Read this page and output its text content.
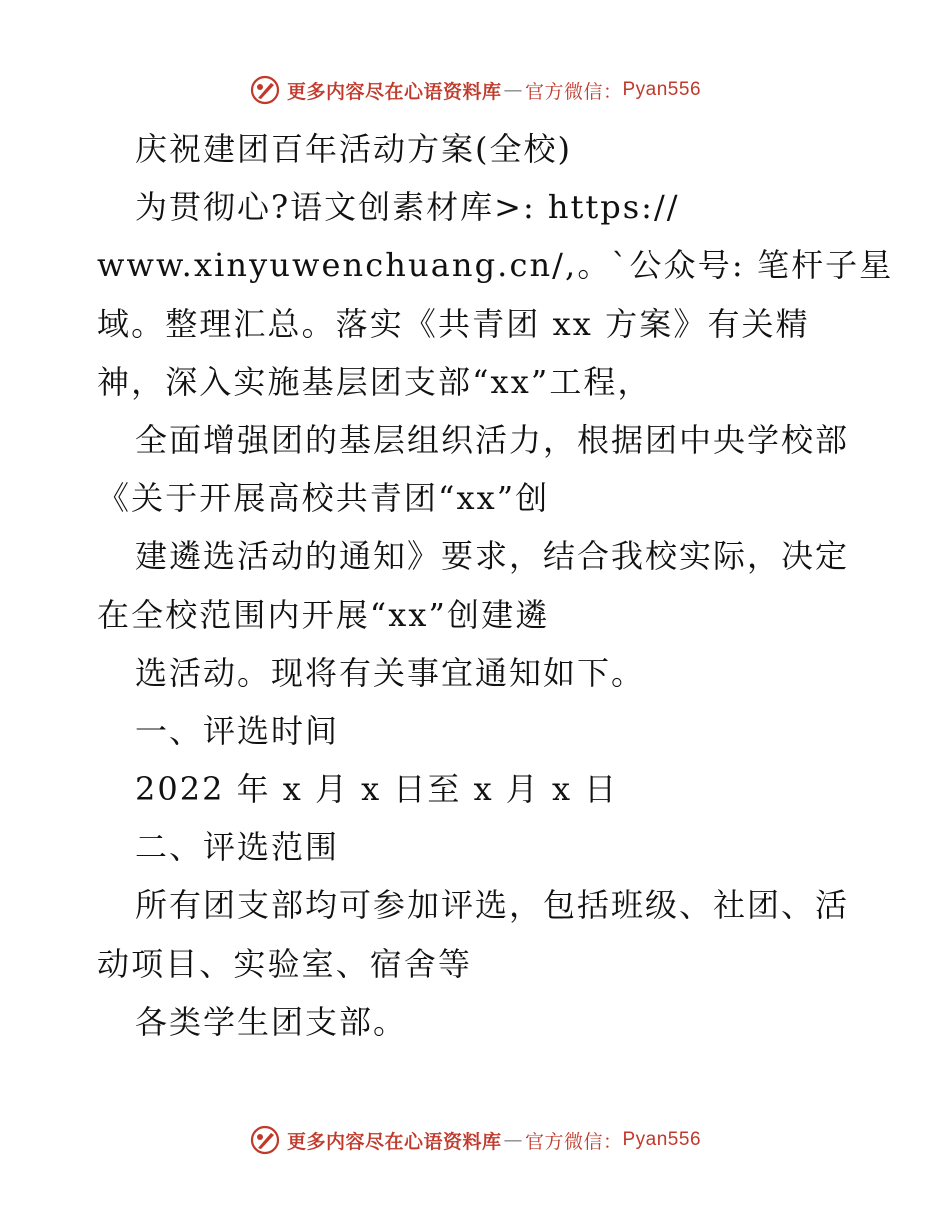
更多内容尽在心语资料库 — 官方微信： Pyan556
庆祝建团百年活动方案(全校)
为贯彻心?语文创素材库>: https://
www.xinyuwenchuang.cn/,。`公众号: 笔杆子星
域。整理汇总。落实《共青团 xx 方案》有关精
神，深入实施基层团支部“xx”工程，
全面增强团的基层组织活力，根据团中央学校部
《关于开展高校共青团“xx”创
建遴选活动的通知》要求，结合我校实际，决定
在全校范围内开展“xx”创建遴
选活动。现将有关事宜通知如下。
一、评选时间
2022 年 x 月 x 日至 x 月 x 日
二、评选范围
所有团支部均可参加评选，包括班级、社团、活
动项目、实验室、宿舍等
各类学生团支部。
更多内容尽在心语资料库 — 官方微信： Pyan556
